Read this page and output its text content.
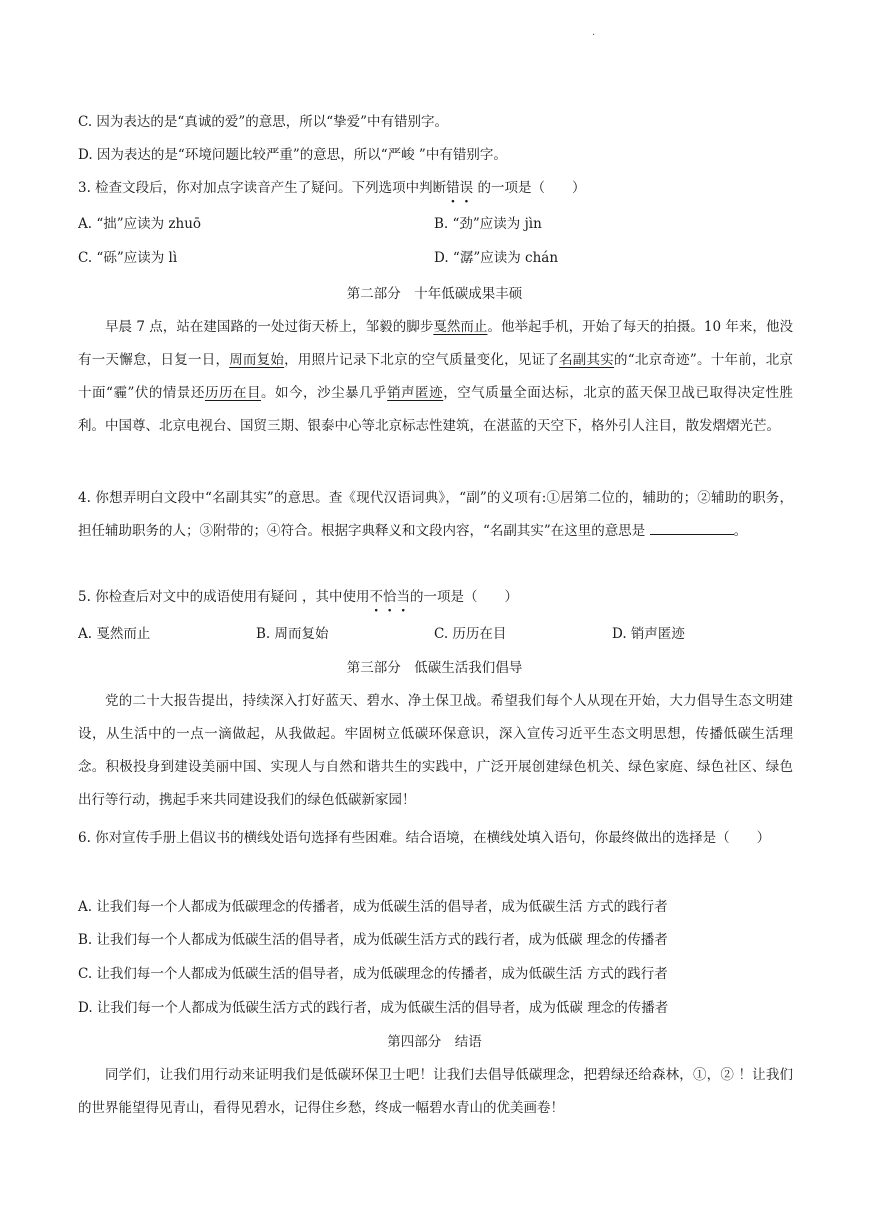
·
C. 因为表达的是“真诚的爱”的意思，所以“挚爱”中有错别字。
D. 因为表达的是“环境问题比较严重”的意思，所以“严峻 ”中有错别字。
3. 检查文段后，你对加点字读音产生了疑问。下列选项中判断错误 的一项是（　　）
A. “拙”应读为 zhuō	B. “劲”应读为 jìn
C. “砾”应读为 lì	D. “潺”应读为 chán
第二部分　十年低碳成果丰硕
早晨 7 点，站在建国路的一处过街天桥上，邹毅的脚步戛然而止。他举起手机，开始了每天的拍摄。10 年来，他没有一天懈怠，日复一日，周而复始，用照片记录下北京的空气质量变化，见证了名副其实的“北京奇迹”。十年前，北京十面“霾”伏的情景还历历在目。如今，沙尘暴几乎销声匿迹，空气质量全面达标，北京的蓝天保卫战已取得决定性胜利。中国尊、北京电视台、国贸三期、银泰中心等北京标志性建筑，在湛蓝的天空下，格外引人注目，散发熠熠光芒。
4. 你想弄明白文段中“名副其实”的意思。查《现代汉语词典》，“副”的义项有:①居第二位的，辅助的；②辅助的职务，担任辅助职务的人；③附带的；④符合。根据字典释义和文段内容，“名副其实”在这里的意思是	。
5. 你检查后对文中的成语使用有疑问 ，其中使用不恰当的一项是（　　）
A. 戛然而止	B. 周而复始	C. 历历在目	D. 销声匿迹
第三部分　低碳生活我们倡导
党的二十大报告提出，持续深入打好蓝天、碧水、净土保卫战。希望我们每个人从现在开始，大力倡导生态文明建设，从生活中的一点一滴做起，从我做起。牢固树立低碳环保意识，深入宣传习近平生态文明思想，传播低碳生活理念。积极投身到建设美丽中国、实现人与自然和谐共生的实践中，广泛开展创建绿色机关、绿色家庭、绿色社区、绿色出行等行动，携起手来共同建设我们的绿色低碳新家园！
6. 你对宣传手册上倡议书的横线处语句选择有些困难。结合语境，在横线处填入语句，你最终做出的选择是（　　）
A. 让我们每一个人都成为低碳理念的传播者，成为低碳生活的倡导者，成为低碳生活 方式的践行者
B. 让我们每一个人都成为低碳生活的倡导者，成为低碳生活方式的践行者，成为低碳 理念的传播者
C. 让我们每一个人都成为低碳生活的倡导者，成为低碳理念的传播者，成为低碳生活 方式的践行者
D. 让我们每一个人都成为低碳生活方式的践行者，成为低碳生活的倡导者，成为低碳 理念的传播者
第四部分　结语
同学们，让我们用行动来证明我们是低碳环保卫士吧！让我们去倡导低碳理念，把碧绿还给森林，①，② ！让我们的世界能望得见青山，看得见碧水，记得住乡愁，终成一幅碧水青山的优美画卷！
